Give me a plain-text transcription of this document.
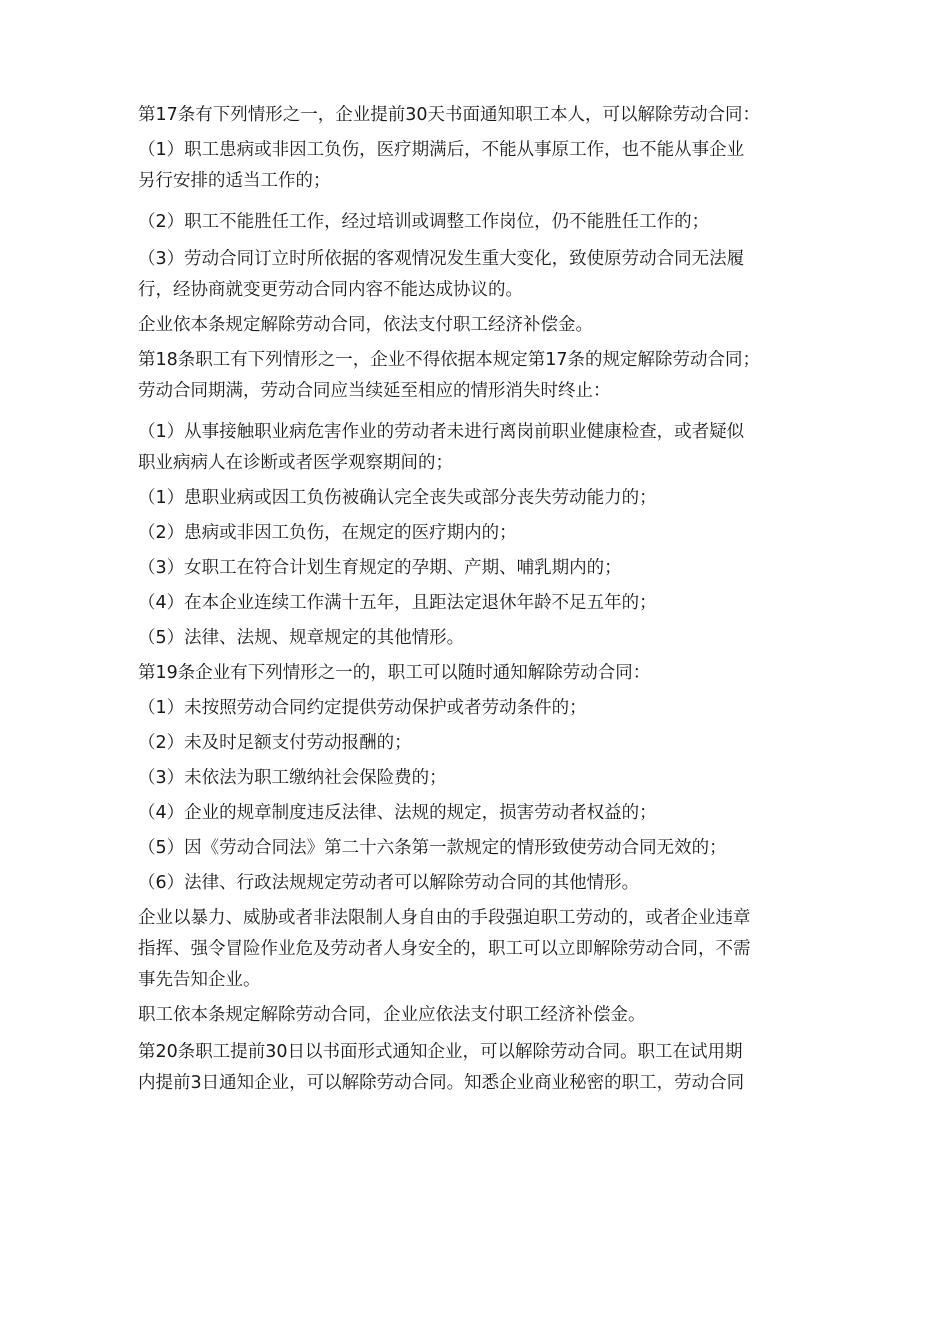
第17条有下列情形之一，企业提前30天书面通知职工本人，可以解除劳动合同：

（1）职工患病或非因工负伤，医疗期满后，不能从事原工作，也不能从事企业
另行安排的适当工作的；

（2）职工不能胜任工作，经过培训或调整工作岗位，仍不能胜任工作的；

（3）劳动合同订立时所依据的客观情况发生重大变化，致使原劳动合同无法履
行，经协商就变更劳动合同内容不能达成协议的。

企业依本条规定解除劳动合同，依法支付职工经济补偿金。

第18条职工有下列情形之一，企业不得依据本规定第17条的规定解除劳动合同；
劳动合同期满，劳动合同应当续延至相应的情形消失时终止：

（1）从事接触职业病危害作业的劳动者未进行离岗前职业健康检查，或者疑似
职业病病人在诊断或者医学观察期间的；

（1）患职业病或因工负伤被确认完全丧失或部分丧失劳动能力的；

（2）患病或非因工负伤，在规定的医疗期内的；

（3）女职工在符合计划生育规定的孕期、产期、哺乳期内的；

（4）在本企业连续工作满十五年，且距法定退休年龄不足五年的；

（5）法律、法规、规章规定的其他情形。

第19条企业有下列情形之一的，职工可以随时通知解除劳动合同：

（1）未按照劳动合同约定提供劳动保护或者劳动条件的；

（2）未及时足额支付劳动报酬的；

（3）未依法为职工缴纳社会保险费的；

（4）企业的规章制度违反法律、法规的规定，损害劳动者权益的；

（5）因《劳动合同法》第二十六条第一款规定的情形致使劳动合同无效的；

（6）法律、行政法规规定劳动者可以解除劳动合同的其他情形。

企业以暴力、威胁或者非法限制人身自由的手段强迫职工劳动的，或者企业违章
指挥、强令冒险作业危及劳动者人身安全的，职工可以立即解除劳动合同，不需
事先告知企业。

职工依本条规定解除劳动合同，企业应依法支付职工经济补偿金。

第20条职工提前30日以书面形式通知企业，可以解除劳动合同。职工在试用期
内提前3日通知企业，可以解除劳动合同。知悉企业商业秘密的职工，劳动合同
